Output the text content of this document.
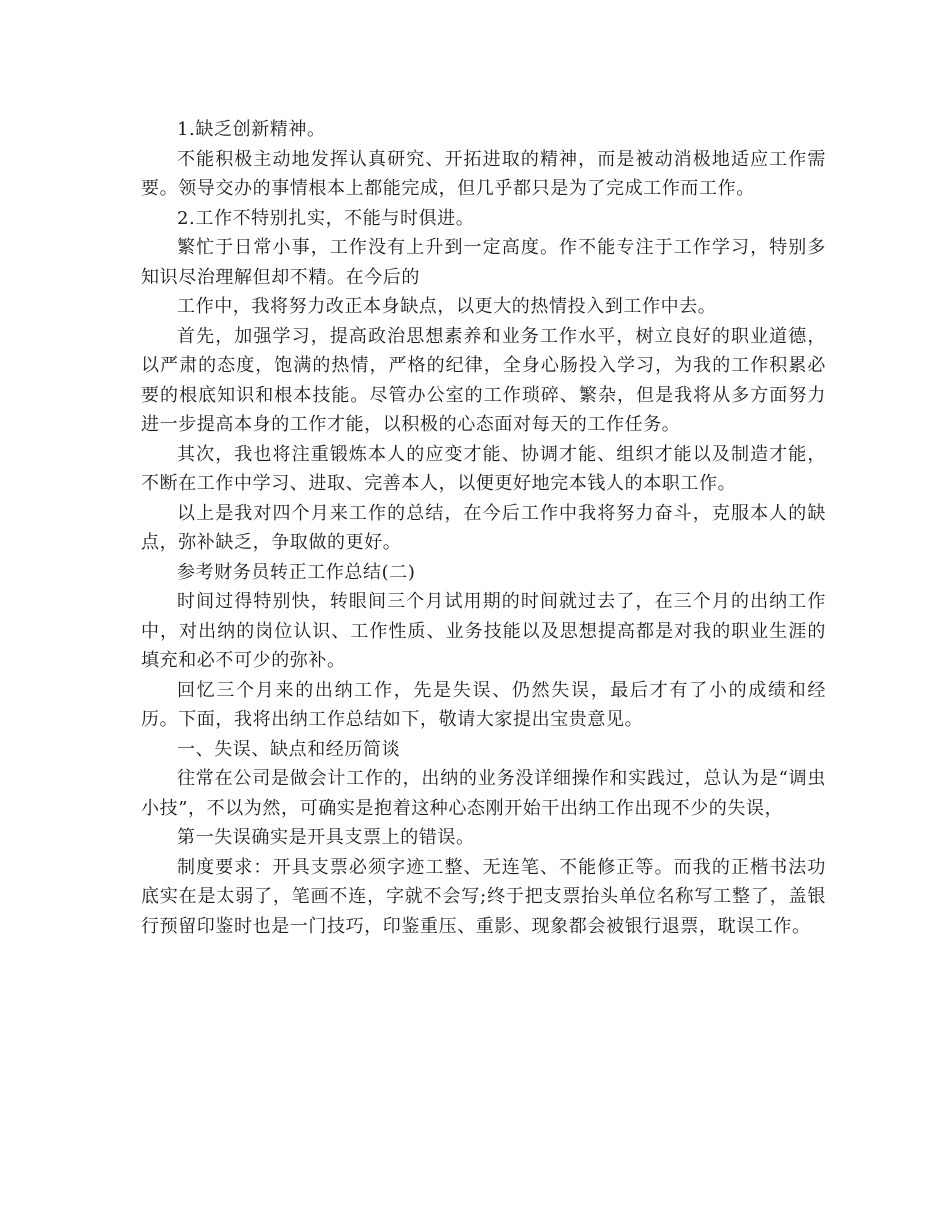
1.缺乏创新精神。

不能积极主动地发挥认真研究、开拓进取的精神，而是被动消极地适应工作需要。领导交办的事情根本上都能完成，但几乎都只是为了完成工作而工作。

2.工作不特别扎实，不能与时俱进。

繁忙于日常小事，工作没有上升到一定高度。作不能专注于工作学习，特别多知识尽治理解但却不精。在今后的

工作中，我将努力改正本身缺点，以更大的热情投入到工作中去。

首先，加强学习，提高政治思想素养和业务工作水平，树立良好的职业道德，以严肃的态度，饱满的热情，严格的纪律，全身心肠投入学习，为我的工作积累必要的根底知识和根本技能。尽管办公室的工作琐碎、繁杂，但是我将从多方面努力进一步提高本身的工作才能，以积极的心态面对每天的工作任务。

其次，我也将注重锻炼本人的应变才能、协调才能、组织才能以及制造才能，不断在工作中学习、进取、完善本人，以便更好地完本钱人的本职工作。

以上是我对四个月来工作的总结，在今后工作中我将努力奋斗，克服本人的缺点，弥补缺乏，争取做的更好。

参考财务员转正工作总结(二)

时间过得特别快，转眼间三个月试用期的时间就过去了，在三个月的出纳工作中，对出纳的岗位认识、工作性质、业务技能以及思想提高都是对我的职业生涯的填充和必不可少的弥补。

回忆三个月来的出纳工作，先是失误、仍然失误，最后才有了小的成绩和经历。下面，我将出纳工作总结如下，敬请大家提出宝贵意见。

一、失误、缺点和经历简谈

往常在公司是做会计工作的，出纳的业务没详细操作和实践过，总认为是“调虫小技”，不以为然，可确实是抱着这种心态刚开始干出纳工作出现不少的失误，

第一失误确实是开具支票上的错误。

制度要求：开具支票必须字迹工整、无连笔、不能修正等。而我的正楷书法功底实在是太弱了，笔画不连，字就不会写;终于把支票抬头单位名称写工整了，盖银行预留印鉴时也是一门技巧，印鉴重压、重影、现象都会被银行退票，耽误工作。
